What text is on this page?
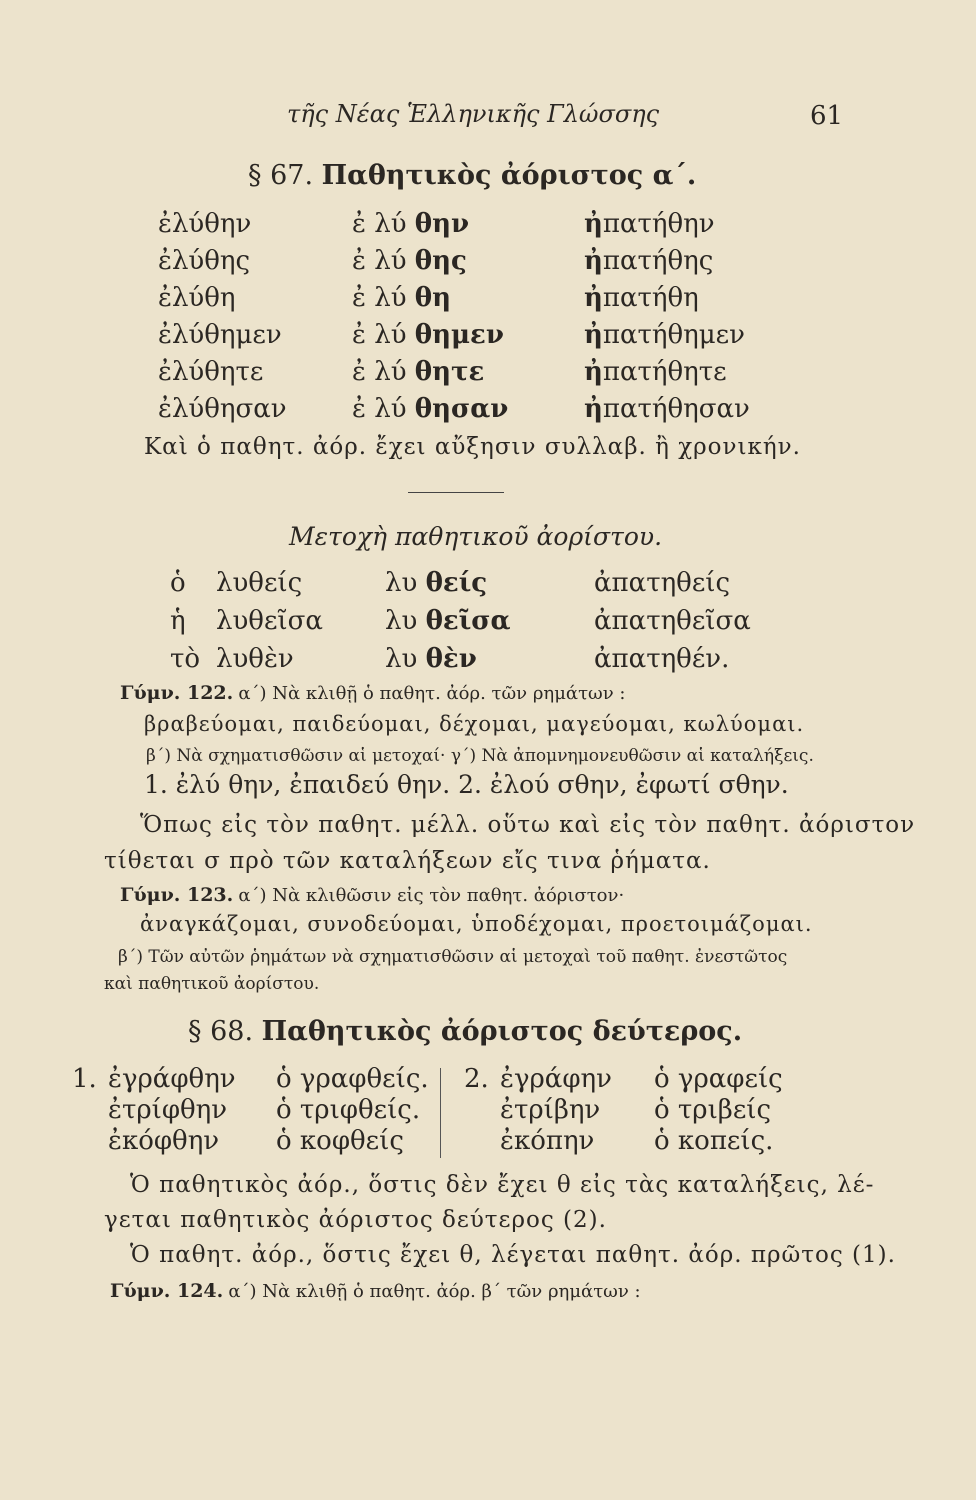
τῆς Νέας Ἑλληνικῆς Γλώσσης	61
§ 67. Παθητικὸς ἀόριστος α΄.
ἐλύθην
ἐλύθης
ἐλύθη
ἐλύθημεν
ἐλύθητε
ἐλύθησαν
ἐ λύ θην
ἐ λύ θης
ἐ λύ θη
ἐ λύ θημεν
ἐ λύ θητε
ἐ λύ θησαν
ἠπατήθην
ἠπατήθης
ἠπατήθη
ἠπατήθημεν
ἠπατήθητε
ἠπατήθησαν
Καὶ ὁ παθητ. ἀόρ. ἔχει αὔξησιν συλλαβ. ἢ χρονικήν.
Μετοχὴ παθητικοῦ ἀορίστου.
ὁ
ἡ
τὸ
λυθείς
λυθεῖσα
λυθὲν
λυ θείς
λυ θεῖσα
λυ θὲν
ἀπατηθείς
ἀπατηθεῖσα
ἀπατηθέν.
Γύμν. 122. α΄) Νὰ κλιθῇ ὁ παθητ. ἀόρ. τῶν ρημάτων :
βραβεύομαι, παιδεύομαι, δέχομαι, μαγεύομαι, κωλύομαι.
β΄) Νὰ σχηματισθῶσιν αἱ μετοχαί· γ΄) Νὰ ἀπομνημονευθῶσιν αἱ καταλήξεις.
1. ἐλύ θην, ἐπαιδεύ θην. 2. ἐλού σθην, ἐφωτί σθην.
Ὅπως εἰς τὸν παθητ. μέλλ. οὕτω καὶ εἰς τὸν παθητ. ἀόριστον
τίθεται σ πρὸ τῶν καταλήξεων εἴς τινα ῥήματα.
Γύμν. 123. α΄) Νὰ κλιθῶσιν εἰς τὸν παθητ. ἀόριστον·
ἀναγκάζομαι, συνοδεύομαι, ὑποδέχομαι, προετοιμάζομαι.
β΄) Τῶν αὐτῶν ῥημάτων νὰ σχηματισθῶσιν αἱ μετοχαὶ τοῦ παθητ. ἐνεστῶτος
καὶ παθητικοῦ ἀορίστου.
§ 68. Παθητικὸς ἀόριστος δεύτερος.
1. ἐγράφθην
ἐτρίφθην
ἐκόφθην
ὁ γραφθείς.
ὁ τριφθείς.
ὁ κοφθείς
2. ἐγράφην
ἐτρίβην
ἐκόπην
ὁ γραφείς
ὁ τριβείς
ὁ κοπείς.
Ὁ παθητικὸς ἀόρ., ὅστις δὲν ἔχει θ εἰς τὰς καταλήξεις, λέ-
γεται παθητικὸς ἀόριστος δεύτερος (2).
Ὁ παθητ. ἀόρ., ὅστις ἔχει θ, λέγεται παθητ. ἀόρ. πρῶτος (1).
Γύμν. 124. α΄) Νὰ κλιθῇ ὁ παθητ. ἀόρ. β΄ τῶν ρημάτων :
